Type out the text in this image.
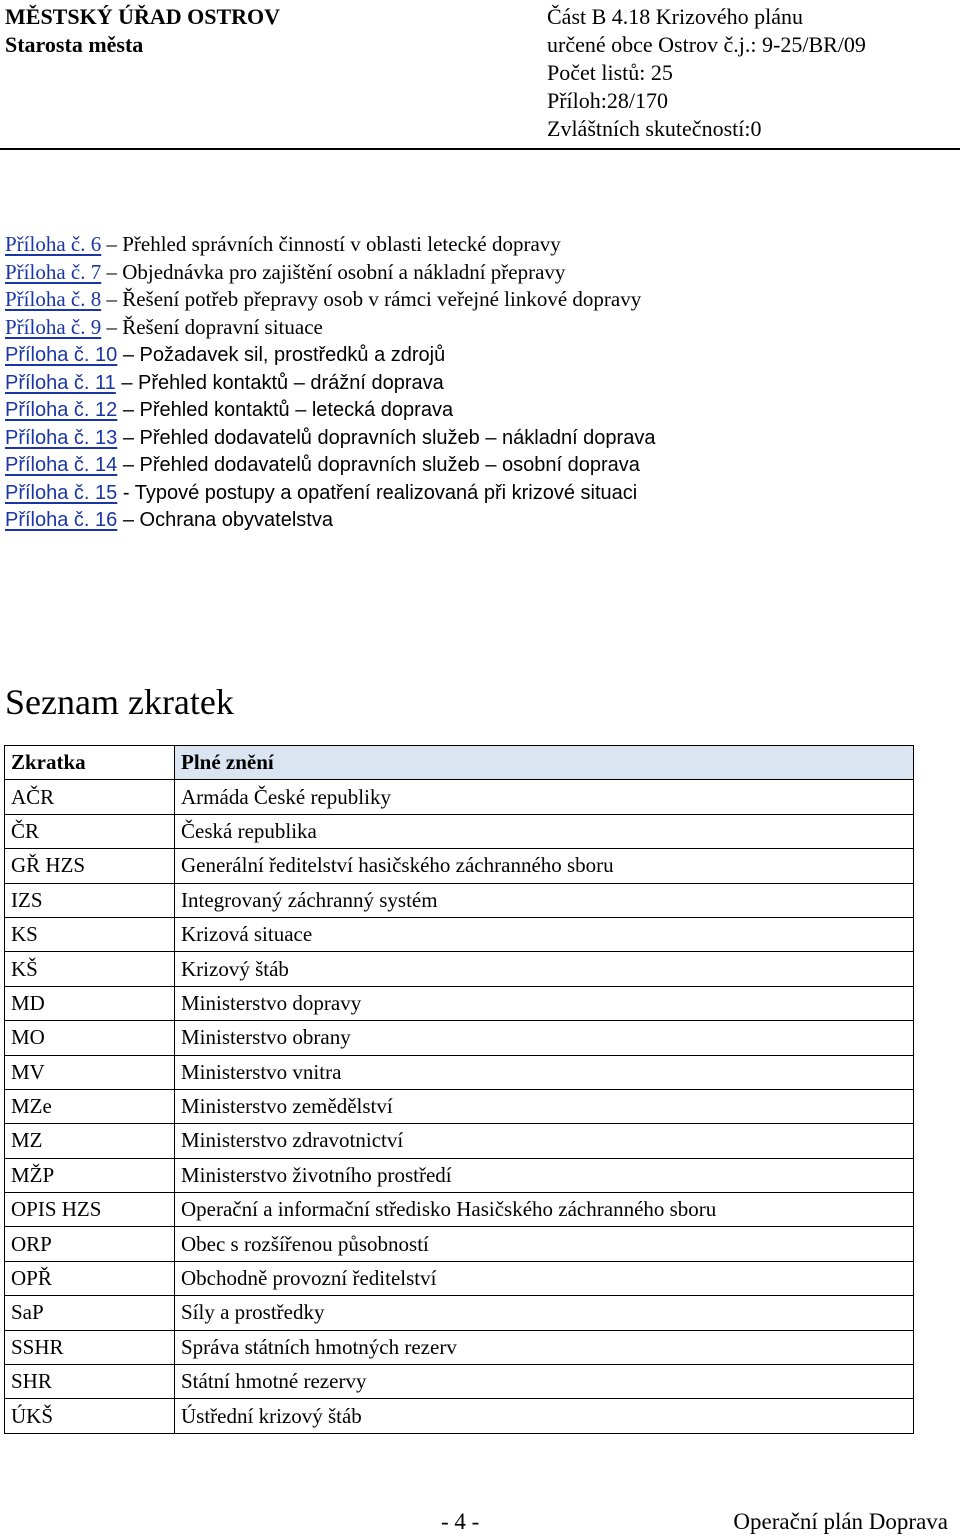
MĚSTSKÝ ÚŘAD OSTROV
Starosta města
Část B 4.18 Krizového plánu
určené obce Ostrov č.j.: 9-25/BR/09
Počet listů: 25
Příloh:28/170
Zvláštních skutečností:0
Příloha č. 6 – Přehled správních činností v oblasti letecké dopravy
Příloha č. 7 – Objednávka pro zajištění osobní a nákladní přepravy
Příloha č. 8 – Řešení potřeb přepravy osob v rámci veřejné linkové dopravy
Příloha č. 9 – Řešení dopravní situace
Příloha č. 10 – Požadavek sil, prostředků a zdrojů
Příloha č. 11 – Přehled kontaktů – drážní doprava
Příloha č. 12 – Přehled kontaktů – letecká doprava
Příloha č. 13 – Přehled dodavatelů dopravních služeb – nákladní doprava
Příloha č. 14 – Přehled dodavatelů dopravních služeb – osobní doprava
Příloha č. 15 - Typové postupy a opatření realizovaná při krizové situaci
Příloha č. 16 – Ochrana obyvatelstva
Seznam zkratek
Zkratka	Plné znění
AČR	Armáda České republiky
ČR	Česká republika
GŘ HZS	Generální ředitelství hasičského záchranného sboru
IZS	Integrovaný záchranný systém
KS	Krizová situace
KŠ	Krizový štáb
MD	Ministerstvo dopravy
MO	Ministerstvo obrany
MV	Ministerstvo vnitra
MZe	Ministerstvo zemědělství
MZ	Ministerstvo zdravotnictví
MŽP	Ministerstvo životního prostředí
OPIS HZS	Operační a informační středisko Hasičského záchranného sboru
ORP	Obec s rozšířenou působností
OPŘ	Obchodně provozní ředitelství
SaP	Síly a prostředky
SSHR	Správa státních hmotných rezerv
SHR	Státní hmotné rezervy
ÚKŠ	Ústřední krizový štáb
- 4 -	Operační plán Doprava
